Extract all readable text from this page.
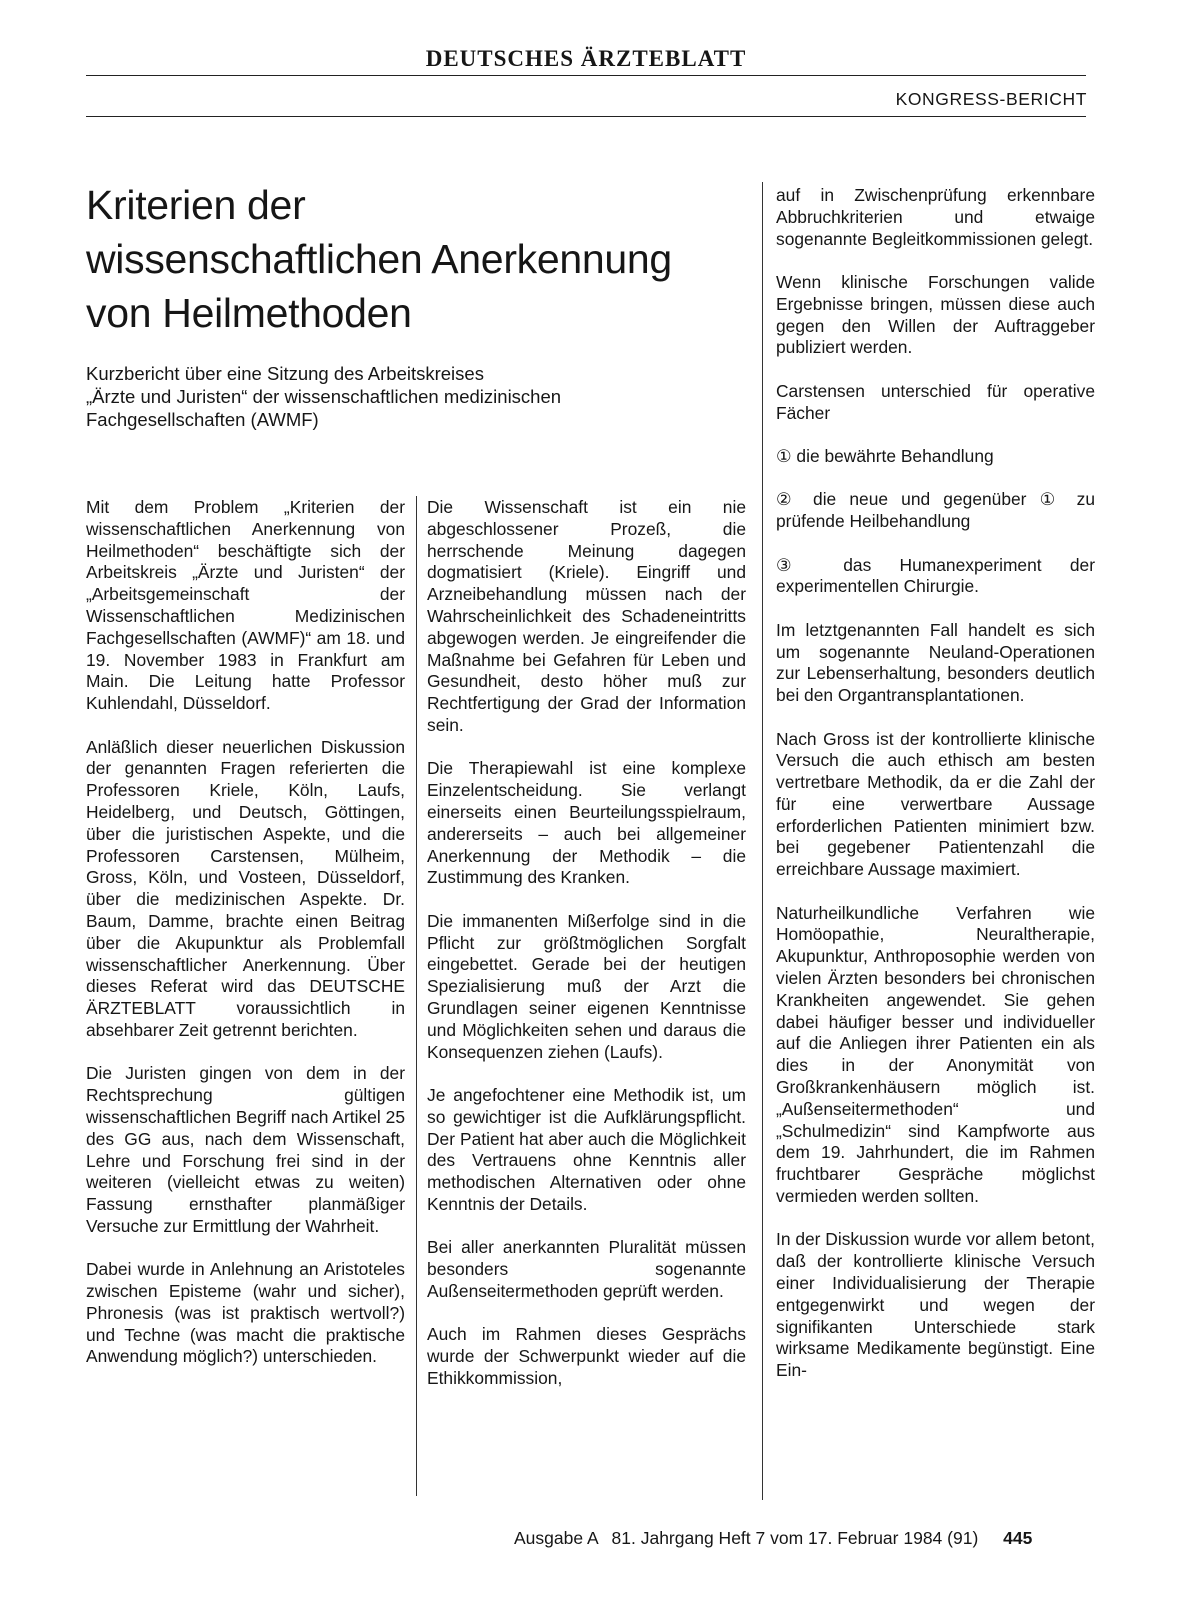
DEUTSCHES ÄRZTEBLATT
KONGRESS-BERICHT
Kriterien der
wissenschaftlichen Anerkennung
von Heilmethoden
Kurzbericht über eine Sitzung des Arbeitskreises
„Ärzte und Juristen“ der wissenschaftlichen medizinischen
Fachgesellschaften (AWMF)

Mit dem Problem „Kriterien der wissenschaftlichen Anerkennung von Heilmethoden“ beschäftigte sich der Arbeitskreis „Ärzte und Juristen“ der „Arbeitsgemeinschaft der Wissenschaftlichen Medizinischen Fachgesellschaften (AWMF)“ am 18. und 19. November 1983 in Frankfurt am Main. Die Leitung hatte Professor Kuhlendahl, Düsseldorf.

Anläßlich dieser neuerlichen Diskussion der genannten Fragen referierten die Professoren Kriele, Köln, Laufs, Heidelberg, und Deutsch, Göttingen, über die juristischen Aspekte, und die Professoren Carstensen, Mülheim, Gross, Köln, und Vosteen, Düsseldorf, über die medizinischen Aspekte. Dr. Baum, Damme, brachte einen Beitrag über die Akupunktur als Problemfall wissenschaftlicher Anerkennung. Über dieses Referat wird das DEUTSCHE ÄRZTEBLATT voraussichtlich in absehbarer Zeit getrennt berichten.

Die Juristen gingen von dem in der Rechtsprechung gültigen wissenschaftlichen Begriff nach Artikel 25 des GG aus, nach dem Wissenschaft, Lehre und Forschung frei sind in der weiteren (vielleicht etwas zu weiten) Fassung ernsthafter planmäßiger Versuche zur Ermittlung der Wahrheit.

Dabei wurde in Anlehnung an Aristoteles zwischen Episteme (wahr und sicher), Phronesis (was ist praktisch wertvoll?) und Techne (was macht die praktische Anwendung möglich?) unterschieden.

Die Wissenschaft ist ein nie abgeschlossener Prozeß, die herrschende Meinung dagegen dogmatisiert (Kriele). Eingriff und Arzneibehandlung müssen nach der Wahrscheinlichkeit des Schadeneintritts abgewogen werden. Je eingreifender die Maßnahme bei Gefahren für Leben und Gesundheit, desto höher muß zur Rechtfertigung der Grad der Information sein.

Die Therapiewahl ist eine komplexe Einzelentscheidung. Sie verlangt einerseits einen Beurteilungsspielraum, andererseits – auch bei allgemeiner Anerkennung der Methodik – die Zustimmung des Kranken.

Die immanenten Mißerfolge sind in die Pflicht zur größtmöglichen Sorgfalt eingebettet. Gerade bei der heutigen Spezialisierung muß der Arzt die Grundlagen seiner eigenen Kenntnisse und Möglichkeiten sehen und daraus die Konsequenzen ziehen (Laufs).

Je angefochtener eine Methodik ist, um so gewichtiger ist die Aufklärungspflicht. Der Patient hat aber auch die Möglichkeit des Vertrauens ohne Kenntnis aller methodischen Alternativen oder ohne Kenntnis der Details.

Bei aller anerkannten Pluralität müssen besonders sogenannte Außenseitermethoden geprüft werden.

Auch im Rahmen dieses Gesprächs wurde der Schwerpunkt wieder auf die Ethikkommission,

auf in Zwischenprüfung erkennbare Abbruchkriterien und etwaige sogenannte Begleitkommissionen gelegt.

Wenn klinische Forschungen valide Ergebnisse bringen, müssen diese auch gegen den Willen der Auftraggeber publiziert werden.

Carstensen unterschied für operative Fächer

① die bewährte Behandlung

② die neue und gegenüber ① zu prüfende Heilbehandlung

③ das Humanexperiment der experimentellen Chirurgie.

Im letztgenannten Fall handelt es sich um sogenannte Neuland-Operationen zur Lebenserhaltung, besonders deutlich bei den Organtransplantationen.

Nach Gross ist der kontrollierte klinische Versuch die auch ethisch am besten vertretbare Methodik, da er die Zahl der für eine verwertbare Aussage erforderlichen Patienten minimiert bzw. bei gegebener Patientenzahl die erreichbare Aussage maximiert.

Naturheilkundliche Verfahren wie Homöopathie, Neuraltherapie, Akupunktur, Anthroposophie werden von vielen Ärzten besonders bei chronischen Krankheiten angewendet. Sie gehen dabei häufiger besser und individueller auf die Anliegen ihrer Patienten ein als dies in der Anonymität von Großkrankenhäusern möglich ist. „Außenseitermethoden“ und „Schulmedizin“ sind Kampfworte aus dem 19. Jahrhundert, die im Rahmen fruchtbarer Gespräche möglichst vermieden werden sollten.

In der Diskussion wurde vor allem betont, daß der kontrollierte klinische Versuch einer Individualisierung der Therapie entgegenwirkt und wegen der signifikanten Unterschiede stark wirksame Medikamente begünstigt. Eine Ein-

Ausgabe A 81. Jahrgang Heft 7 vom 17. Februar 1984 (91) 445
